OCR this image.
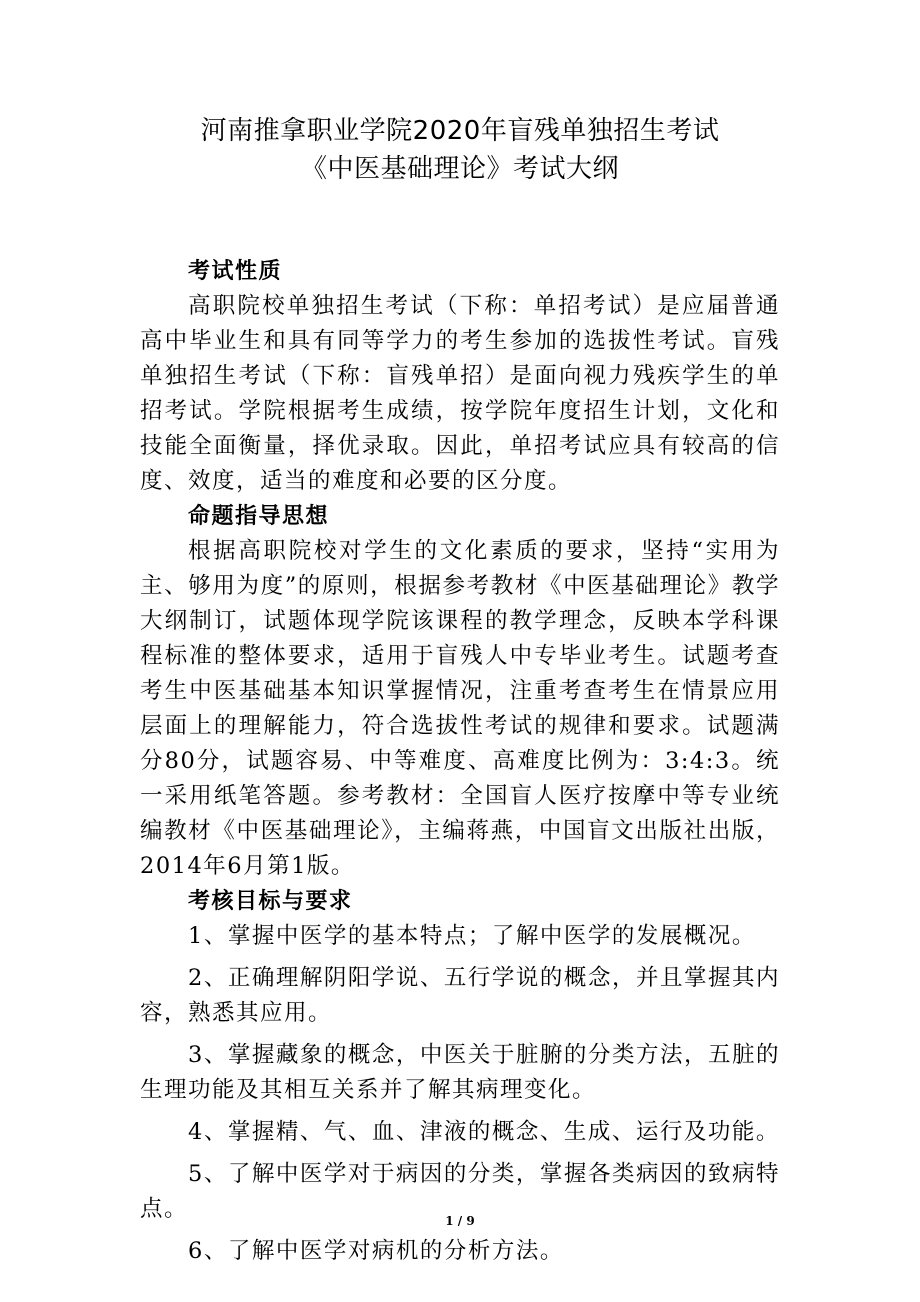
河南推拿职业学院2020年盲残单独招生考试
《中医基础理论》考试大纲

考试性质

高职院校单独招生考试（下称：单招考试）是应届普通高中毕业生和具有同等学力的考生参加的选拔性考试。盲残单独招生考试（下称：盲残单招）是面向视力残疾学生的单招考试。学院根据考生成绩，按学院年度招生计划，文化和技能全面衡量，择优录取。因此，单招考试应具有较高的信度、效度，适当的难度和必要的区分度。

命题指导思想

根据高职院校对学生的文化素质的要求，坚持“实用为主、够用为度”的原则，根据参考教材《中医基础理论》教学大纲制订，试题体现学院该课程的教学理念，反映本学科课程标准的整体要求，适用于盲残人中专毕业考生。试题考查考生中医基础基本知识掌握情况，注重考查考生在情景应用层面上的理解能力，符合选拔性考试的规律和要求。试题满分80分，试题容易、中等难度、高难度比例为：3:4:3。统一采用纸笔答题。参考教材：全国盲人医疗按摩中等专业统编教材《中医基础理论》，主编蒋燕，中国盲文出版社出版，2014年6月第1版。

考核目标与要求

1、掌握中医学的基本特点；了解中医学的发展概况。

2、正确理解阴阳学说、五行学说的概念，并且掌握其内容，熟悉其应用。

3、掌握藏象的概念，中医关于脏腑的分类方法，五脏的生理功能及其相互关系并了解其病理变化。

4、掌握精、气、血、津液的概念、生成、运行及功能。

5、了解中医学对于病因的分类，掌握各类病因的致病特点。

6、了解中医学对病机的分析方法。

1 / 9
